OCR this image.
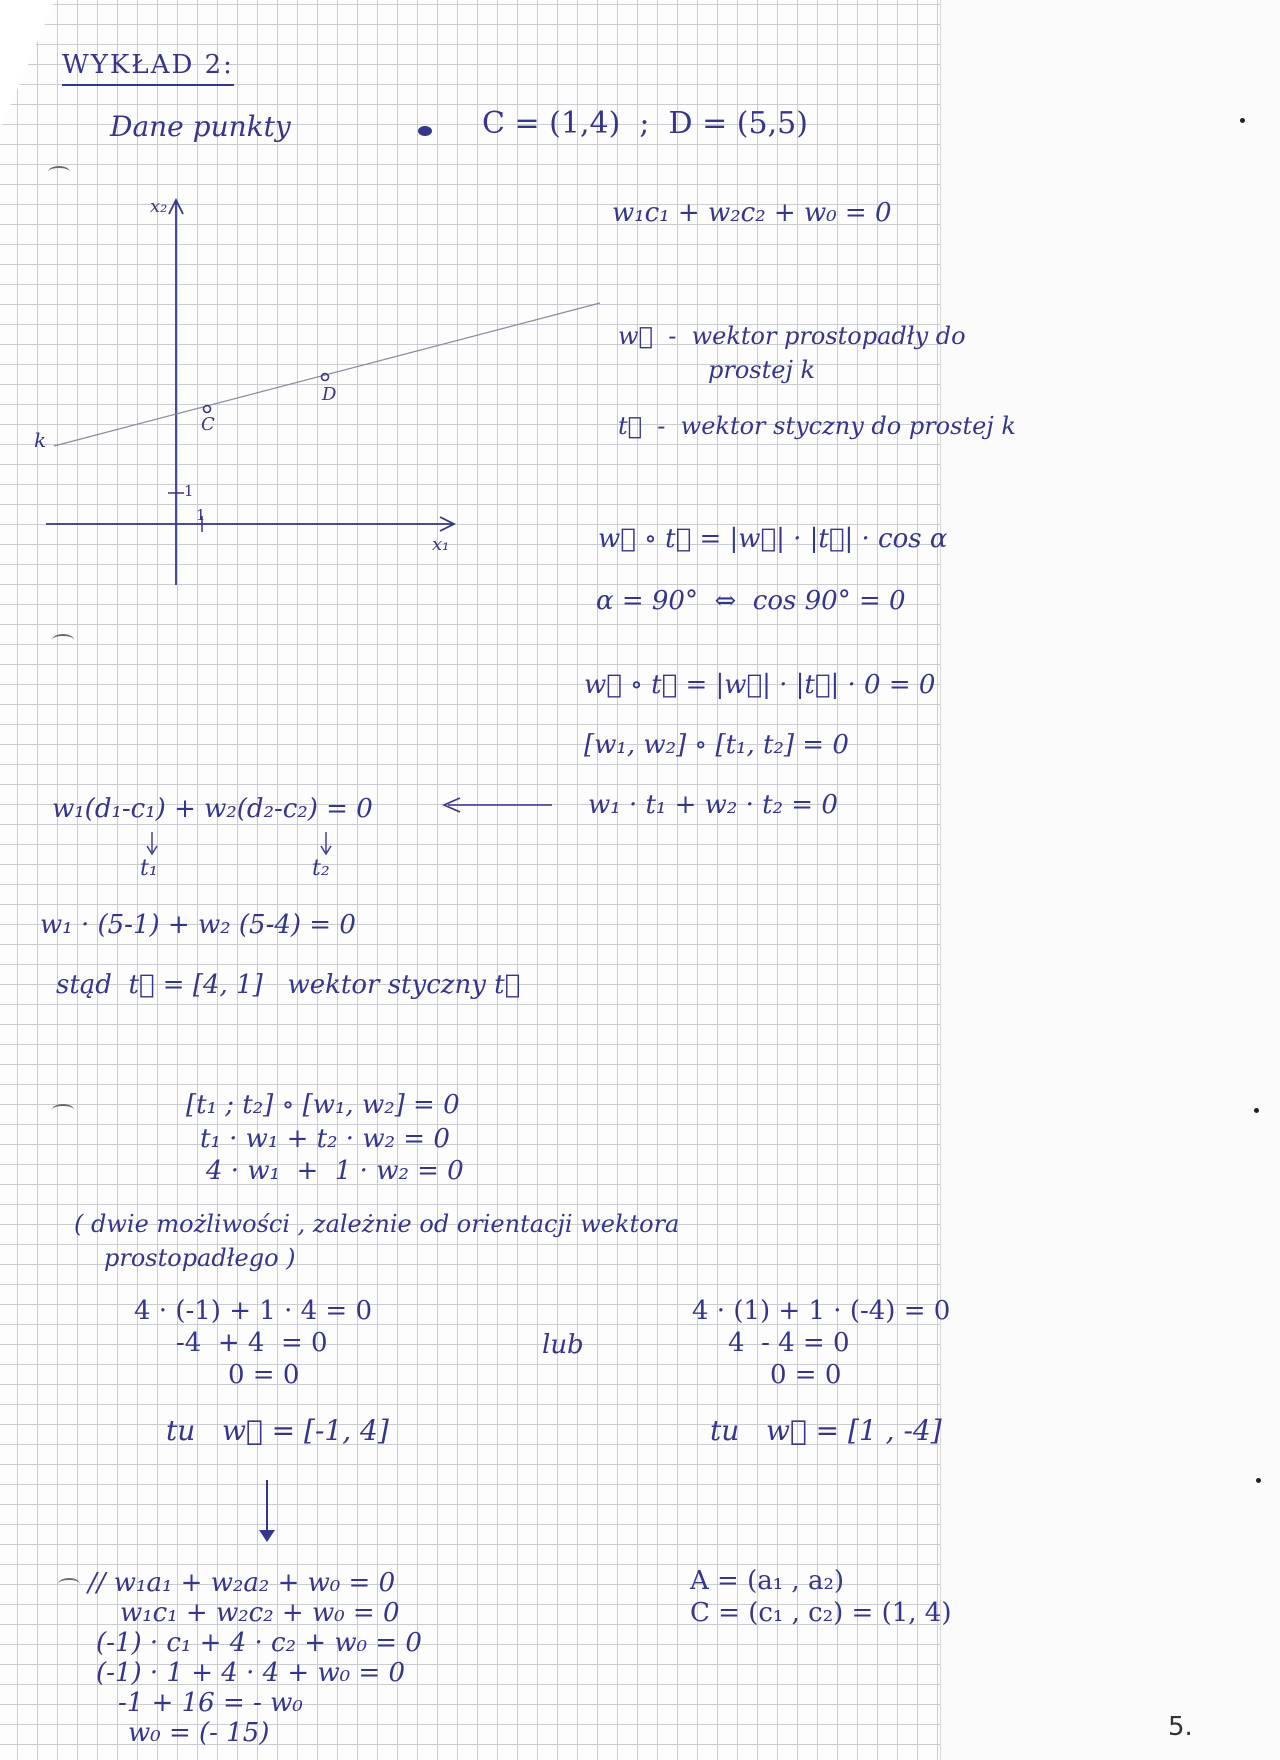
WYKŁAD 2:
Dane punkty	C = (1,4)  ;  D = (5,5)
x₂
x₁
k
C
D
1
1
w₁c₁ + w₂c₂ + w₀ = 0
w⃗  -  wektor prostopadły do
prostej k
t⃗  -  wektor styczny do prostej k
w⃗ ∘ t⃗ = |w⃗| · |t⃗| · cos α
α = 90°  ⇔  cos 90° = 0
w⃗ ∘ t⃗ = |w⃗| · |t⃗| · 0 = 0
[w₁, w₂] ∘ [t₁, t₂] = 0
w₁ · t₁ + w₂ · t₂ = 0
w₁(d₁-c₁) + w₂(d₂-c₂) = 0
t₁	t₂
w₁ · (5-1) + w₂ (5-4) = 0
stąd  t⃗ = [4, 1]   wektor styczny t⃗
[t₁ ; t₂] ∘ [w₁, w₂] = 0
t₁ · w₁ + t₂ · w₂ = 0
4 · w₁  +  1 · w₂ = 0
( dwie możliwości , zależnie od orientacji wektora
prostopadłego )
4 · (-1) + 1 · 4 = 0
-4  + 4  = 0
0 = 0
lub
4 · (1) + 1 · (-4) = 0
4  - 4 = 0
0 = 0
tu   w⃗ = [-1, 4]	tu   w⃗ = [1 , -4]
// w₁a₁ + w₂a₂ + w₀ = 0
w₁c₁ + w₂c₂ + w₀ = 0
(-1) · c₁ + 4 · c₂ + w₀ = 0
(-1) · 1 + 4 · 4 + w₀ = 0
-1 + 16 = - w₀
w₀ = (- 15)
A = (a₁ , a₂)
C = (c₁ , c₂) = (1, 4)
5.
